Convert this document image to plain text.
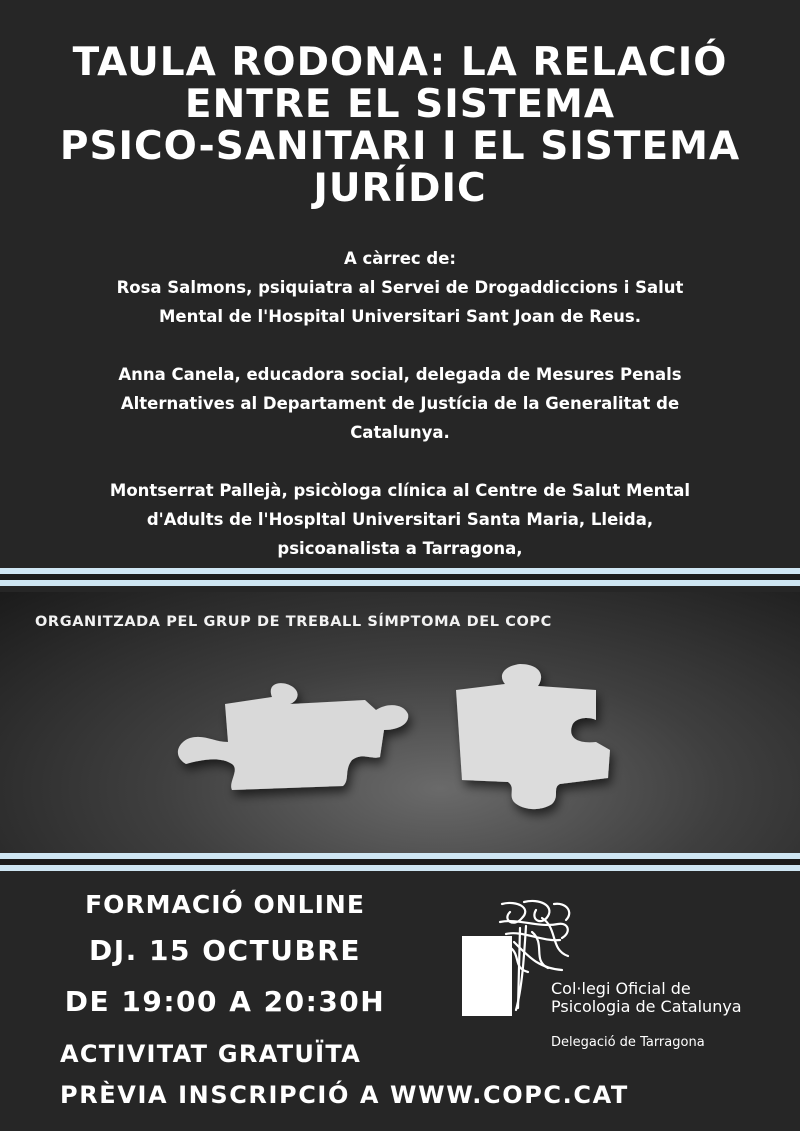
TAULA RODONA: LA RELACIÓ
ENTRE EL SISTEMA
PSICO-SANITARI I EL SISTEMA
JURÍDIC

A càrrec de:

Rosa Salmons, psiquiatra al Servei de Drogaddiccions i Salut

Mental de l'Hospital Universitari Sant Joan de Reus.

Anna Canela, educadora social, delegada de Mesures Penals

Alternatives al Departament de Justícia de la Generalitat de

Catalunya.

Montserrat Pallejà, psicòloga clínica al Centre de Salut Mental

d'Adults de l'HospItal Universitari Santa Maria, Lleida,

psicoanalista a Tarragona,

ORGANITZADA PEL GRUP DE TREBALL SÍMPTOMA DEL COPC
FORMACIÓ ONLINE
DJ. 15 OCTUBRE
DE 19:00 A 20:30H
ACTIVITAT GRATUÏTA
PRÈVIA INSCRIPCIÓ A WWW.COPC.CAT
Col·legi Oficial de
Psicologia de Catalunya
Delegació de Tarragona
